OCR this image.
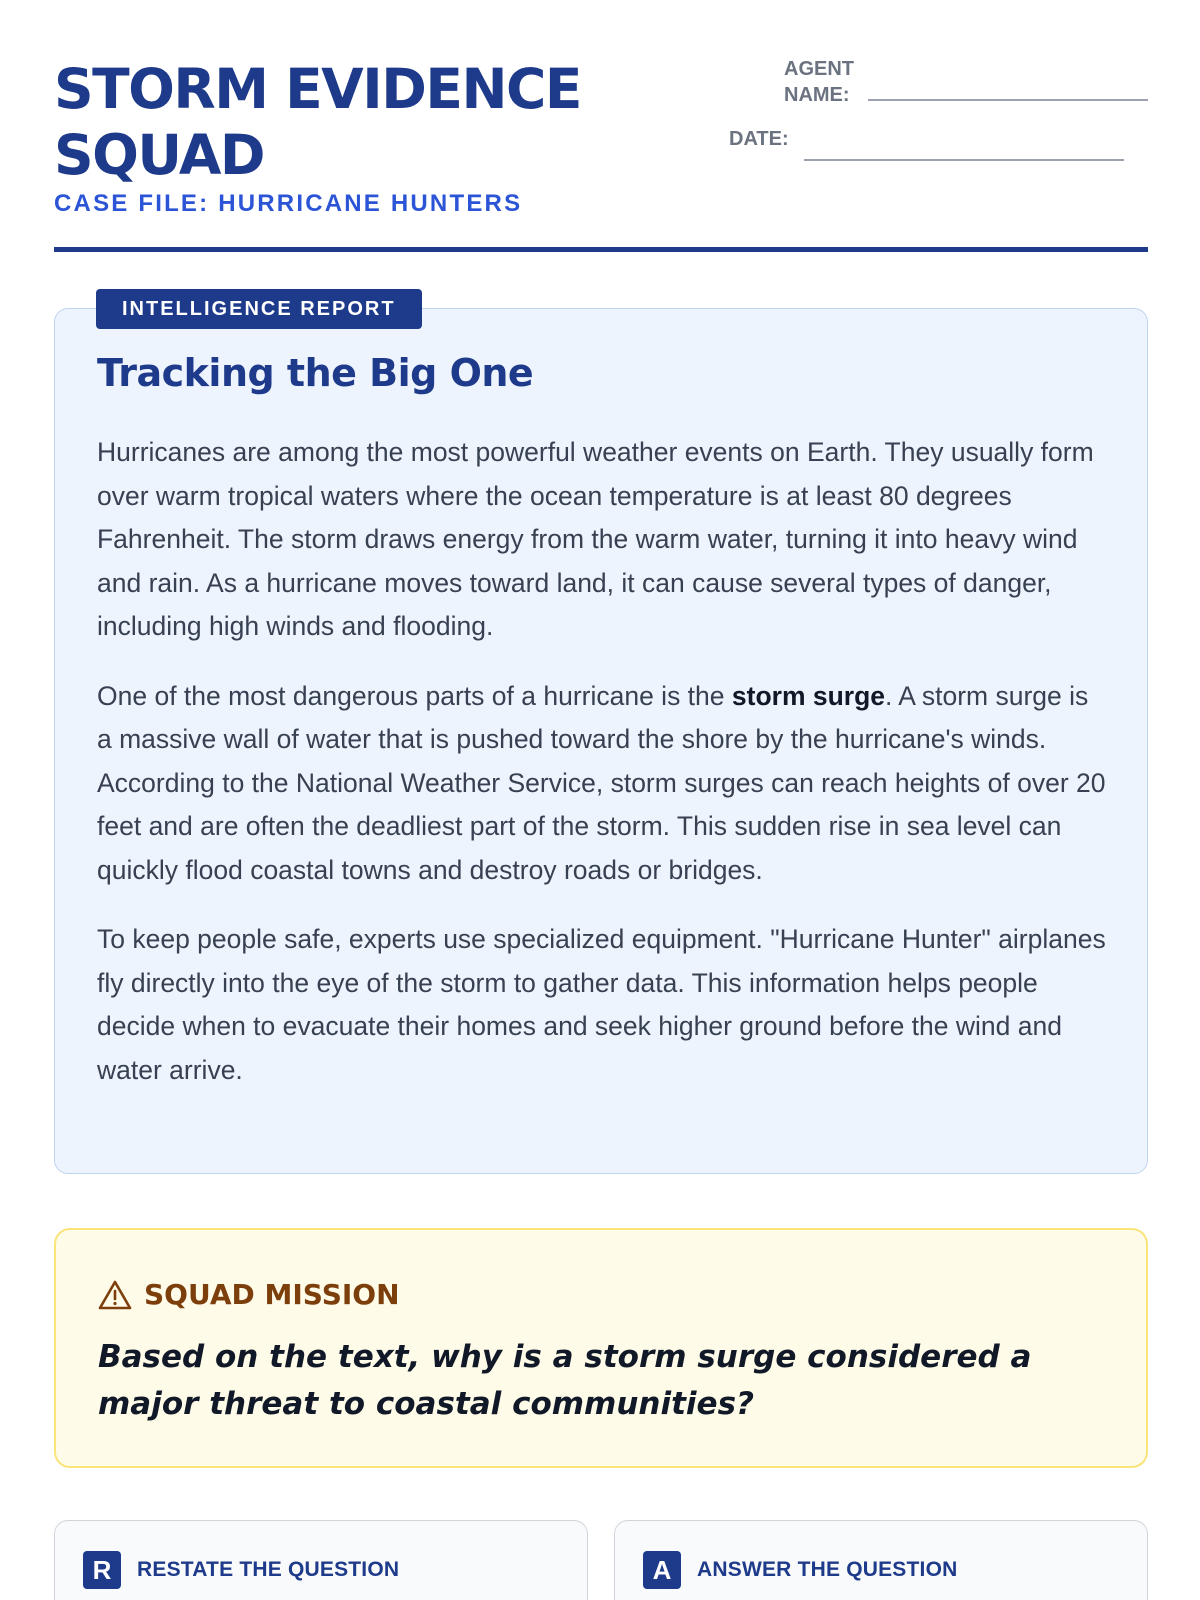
STORM EVIDENCE SQUAD
CASE FILE: HURRICANE HUNTERS
AGENT NAME:
DATE:
Tracking the Big One

Hurricanes are among the most powerful weather events on Earth. They usually form over warm tropical waters where the ocean temperature is at least 80 degrees Fahrenheit. The storm draws energy from the warm water, turning it into heavy wind and rain. As a hurricane moves toward land, it can cause several types of danger, including high winds and flooding.

One of the most dangerous parts of a hurricane is the storm surge. A storm surge is a massive wall of water that is pushed toward the shore by the hurricane's winds. According to the National Weather Service, storm surges can reach heights of over 20 feet and are often the deadliest part of the storm. This sudden rise in sea level can quickly flood coastal towns and destroy roads or bridges.

To keep people safe, experts use specialized equipment. "Hurricane Hunter" airplanes fly directly into the eye of the storm to gather data. This information helps people decide when to evacuate their homes and seek higher ground before the wind and water arrive.

INTELLIGENCE REPORT
SQUAD MISSION
Based on the text, why is a storm surge considered a major threat to coastal communities?
R	RESTATE THE QUESTION	A	ANSWER THE QUESTION
